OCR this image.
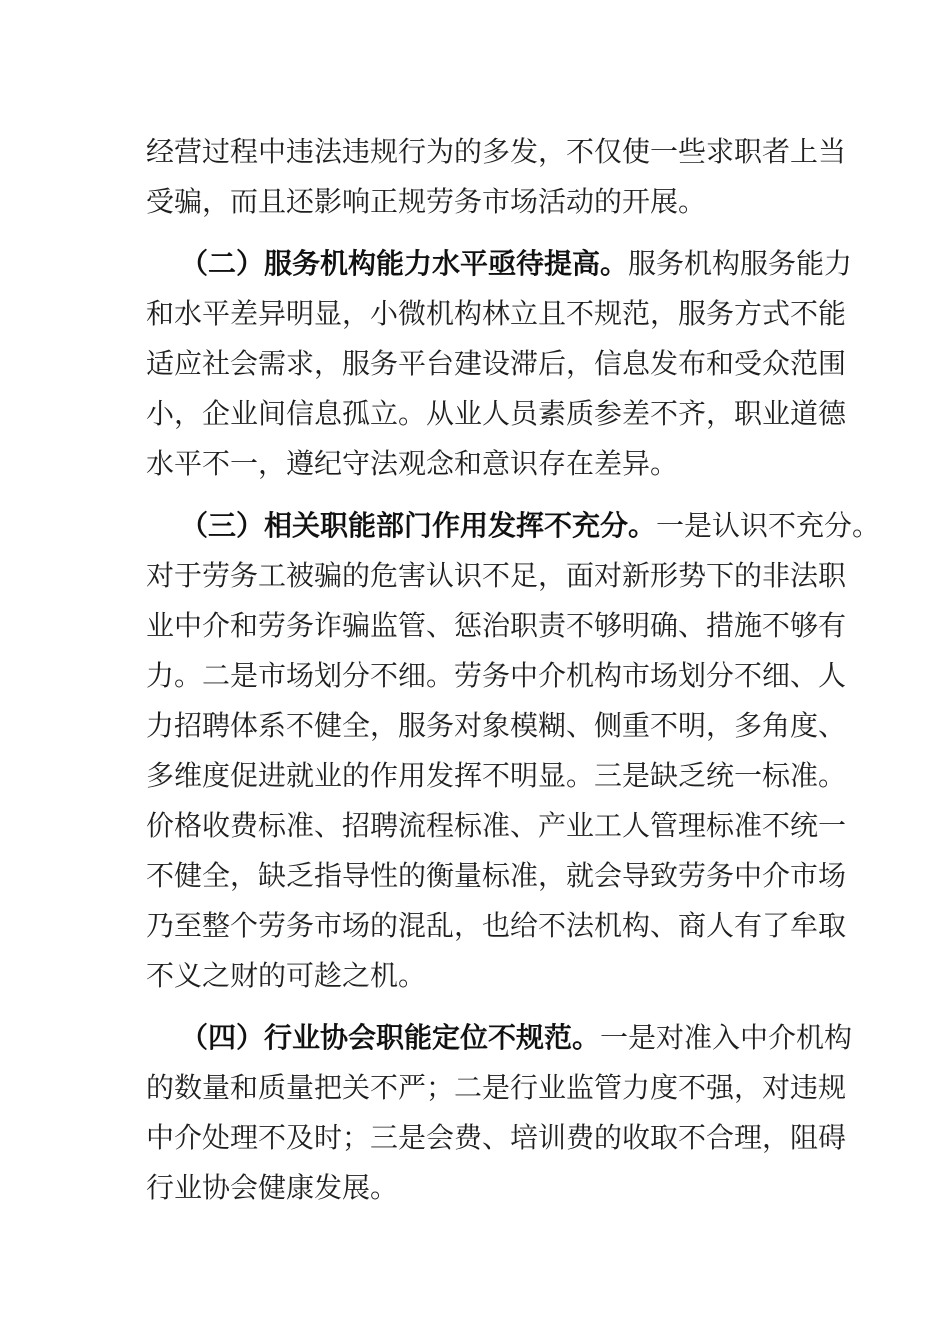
经营过程中违法违规行为的多发，不仅使一些求职者上当
受骗，而且还影响正规劳务市场活动的开展。
（二）服务机构能力水平亟待提高。服务机构服务能力
和水平差异明显，小微机构林立且不规范，服务方式不能
适应社会需求，服务平台建设滞后，信息发布和受众范围
小，企业间信息孤立。从业人员素质参差不齐，职业道德
水平不一，遵纪守法观念和意识存在差异。
（三）相关职能部门作用发挥不充分。一是认识不充分。
对于劳务工被骗的危害认识不足，面对新形势下的非法职
业中介和劳务诈骗监管、惩治职责不够明确、措施不够有
力。二是市场划分不细。劳务中介机构市场划分不细、人
力招聘体系不健全，服务对象模糊、侧重不明，多角度、
多维度促进就业的作用发挥不明显。三是缺乏统一标准。
价格收费标准、招聘流程标准、产业工人管理标准不统一
不健全，缺乏指导性的衡量标准，就会导致劳务中介市场
乃至整个劳务市场的混乱，也给不法机构、商人有了牟取
不义之财的可趁之机。
（四）行业协会职能定位不规范。一是对准入中介机构
的数量和质量把关不严；二是行业监管力度不强，对违规
中介处理不及时；三是会费、培训费的收取不合理，阻碍
行业协会健康发展。
